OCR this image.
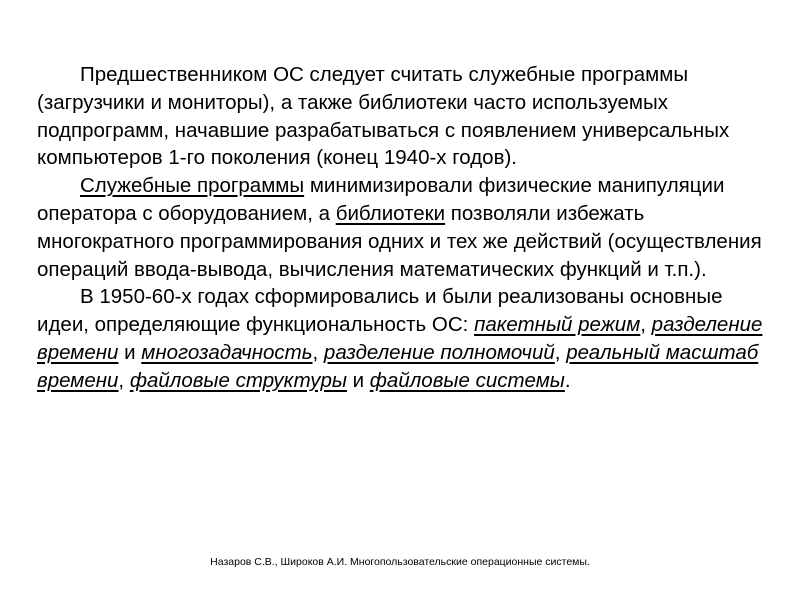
Предшественником ОС следует считать служебные программы (загрузчики и мониторы), а также библиотеки часто используемых подпрограмм, начавшие разрабатываться с появлением универсальных компьютеров 1-го поколения (конец 1940-х годов).

Служебные программы минимизировали физические манипуляции оператора с оборудованием, а библиотеки позволяли избежать многократного программирования одних и тех же действий (осуществления операций ввода-вывода, вычисления математических функций и т.п.).

В 1950-60-х годах сформировались и были реализованы основные идеи, определяющие функциональность ОС: пакетный режим, разделение времени и многозадачность, разделение полномочий, реальный масштаб времени, файловые структуры и файловые системы.

Назаров С.В., Широков А.И. Многопользовательские операционные системы.
